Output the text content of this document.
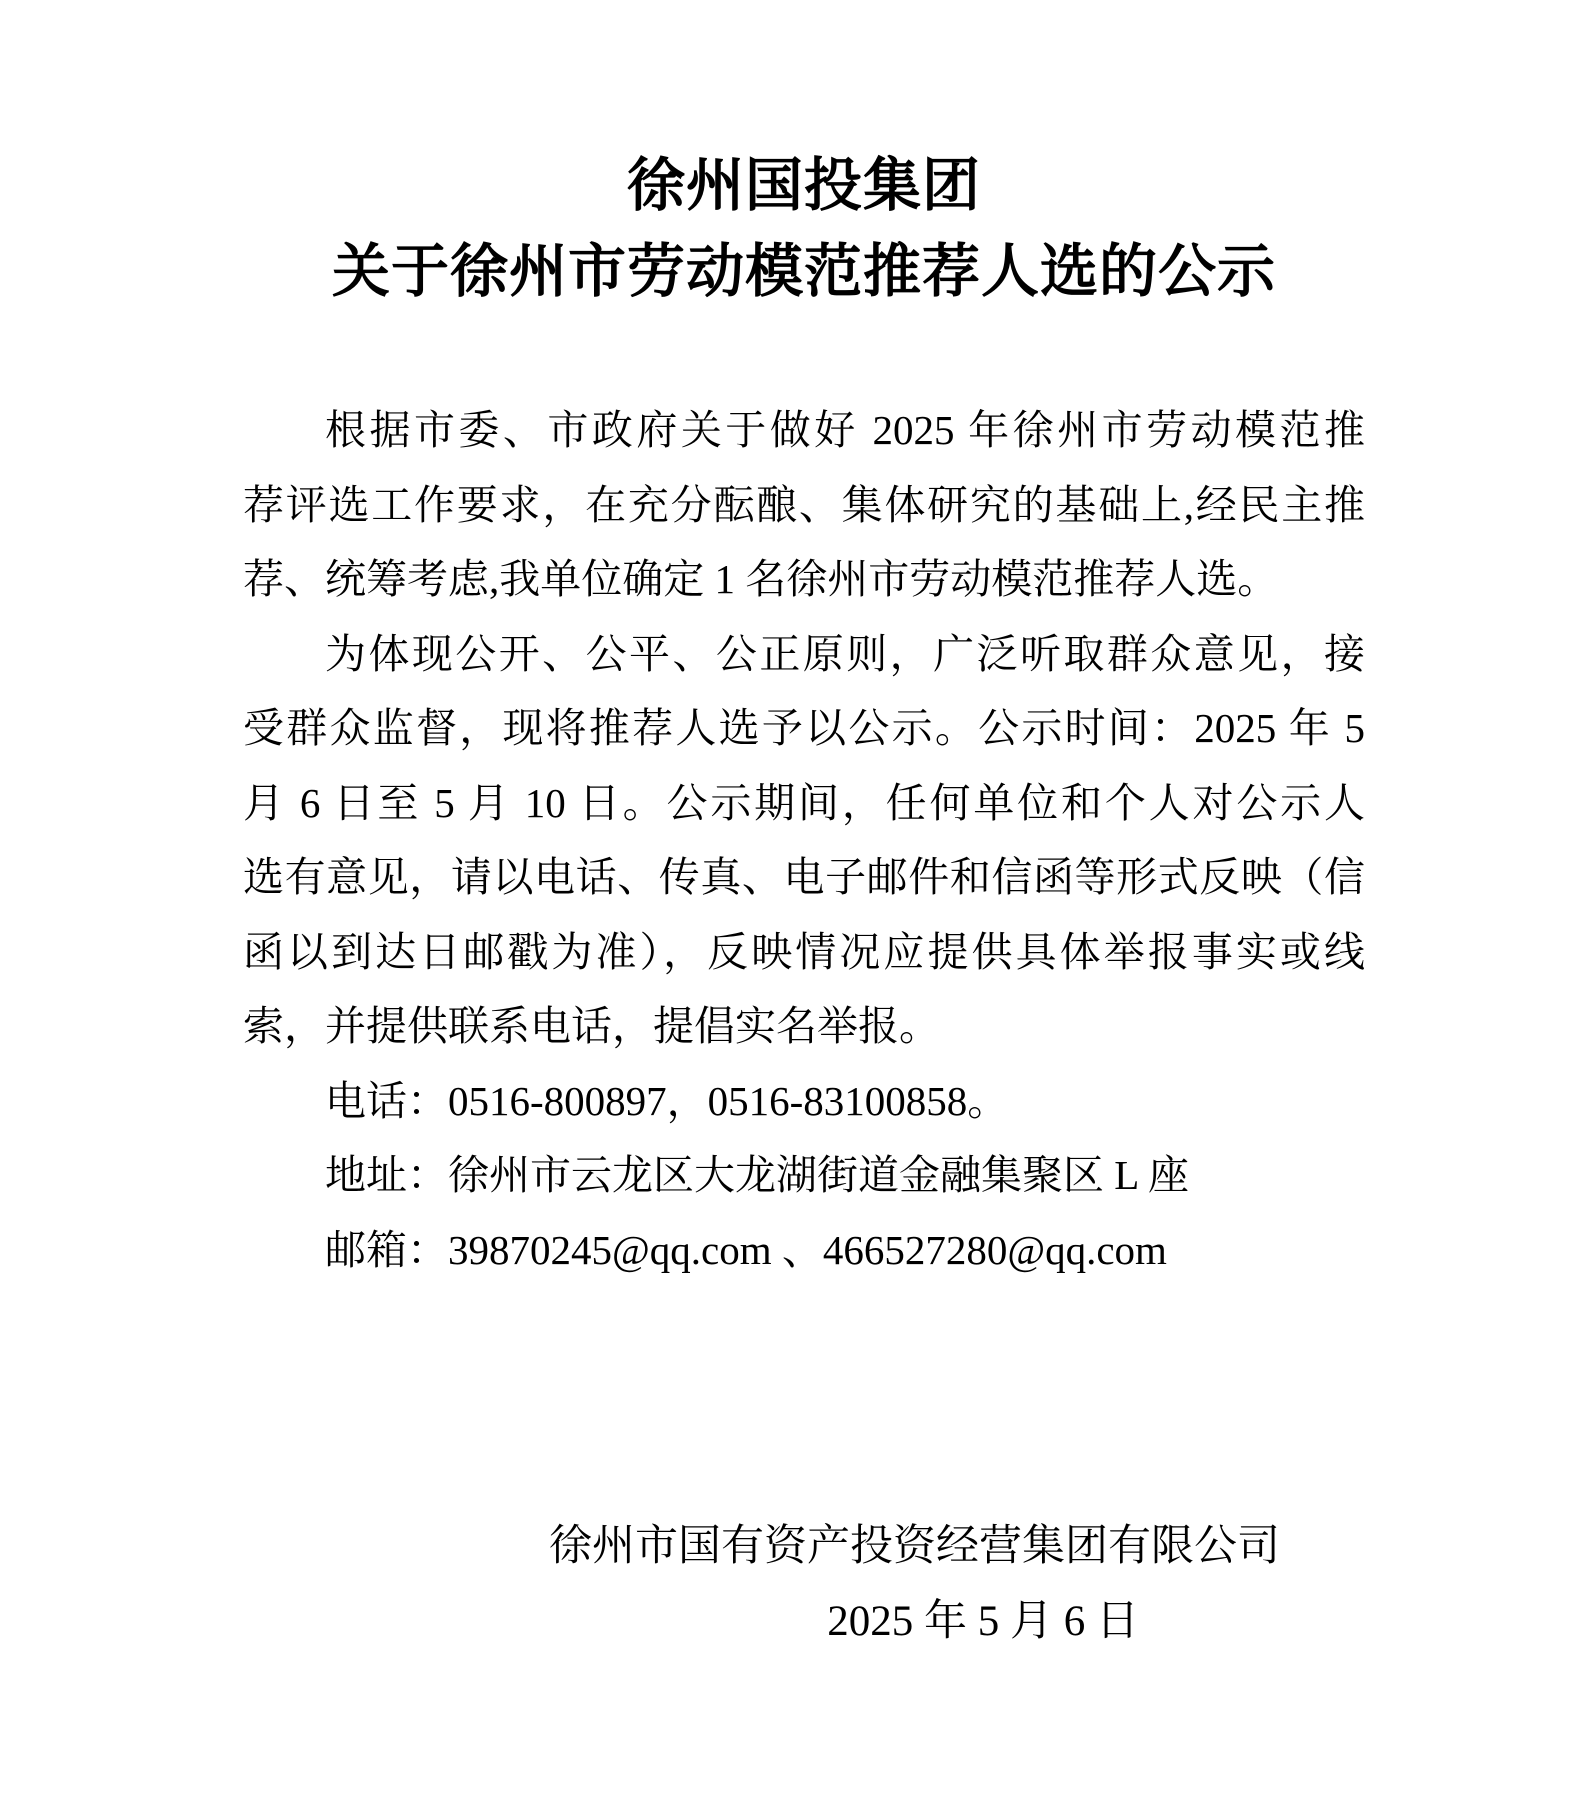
徐州国投集团
关于徐州市劳动模范推荐人选的公示
根据市委、市政府关于做好 2025 年徐州市劳动模范推
荐评选工作要求，在充分酝酿、集体研究的基础上,经民主推
荐、统筹考虑,我单位确定 1 名徐州市劳动模范推荐人选。
为体现公开、公平、公正原则，广泛听取群众意见，接
受群众监督，现将推荐人选予以公示。公示时间：2025 年 5
月 6 日至 5 月 10 日。公示期间，任何单位和个人对公示人
选有意见，请以电话、传真、电子邮件和信函等形式反映（信
函以到达日邮戳为准），反映情况应提供具体举报事实或线
索，并提供联系电话，提倡实名举报。
电话：0516-800897，0516-83100858。
地址：徐州市云龙区大龙湖街道金融集聚区 L 座
邮箱：39870245@qq.com 、466527280@qq.com
徐州市国有资产投资经营集团有限公司
2025 年 5 月 6 日
